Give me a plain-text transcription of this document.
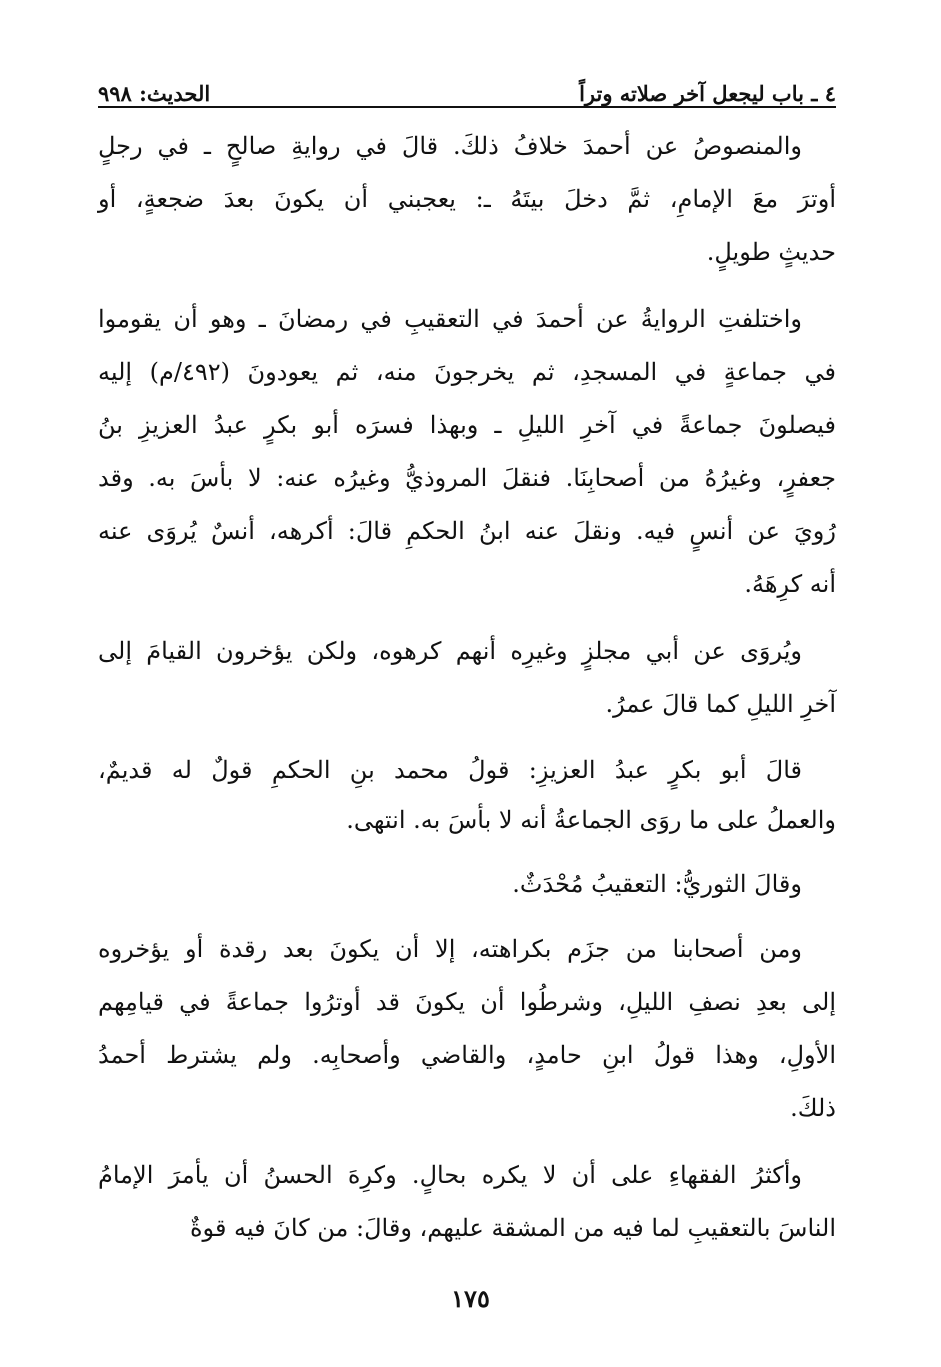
٤ ـ باب ليجعل آخر صلاته وتراً
الحديث: ٩٩٨
والمنصوصُ عن أحمدَ خلافُ ذلكَ. قالَ في روايةِ صالحٍ ـ في رجلٍ
أوترَ معَ الإمامِ، ثمَّ دخلَ بيتَهُ ـ: يعجبني أن يكونَ بعدَ ضجعةٍ، أو
حديثٍ طويلٍ.
واختلفتِ الروايةُ عن أحمدَ في التعقيبِ في رمضانَ ـ وهو أن يقوموا
في جماعةٍ في المسجدِ، ثم يخرجونَ منه، ثم يعودونَ (٤٩٢/م) إليه
فيصلونَ جماعةً في آخرِ الليلِ ـ وبهذا فسرَه أبو بكرٍ عبدُ العزيزِ بنُ
جعفرٍ، وغيرُهُ من أصحابِنَا. فنقلَ المروذيُّ وغيرُه عنه: لا بأسَ به. وقد
رُويَ عن أنسٍ فيه. ونقلَ عنه ابنُ الحكمِ قالَ: أكرهه، أنسٌ يُروَى عنه
أنه كرِهَهُ.
ويُروَى عن أبي مجلزٍ وغيرِه أنهم كرهوه، ولكن يؤخرون القيامَ إلى
آخرِ الليلِ كما قالَ عمرُ.
قالَ أبو بكرٍ عبدُ العزيزِ: قولُ محمد بنِ الحكمِ قولٌ له قديمٌ،
والعملُ على ما روَى الجماعةُ أنه لا بأسَ به. انتهى.
وقالَ الثوريُّ: التعقيبُ مُحْدَثٌ.
ومن أصحابنا من جزَم بكراهته، إلا أن يكونَ بعد رقدة أو يؤخروه
إلى بعدِ نصفِ الليلِ، وشرطُوا أن يكونَ قد أوترُوا جماعةً في قيامِهم
الأولِ، وهذا قولُ ابنِ حامدٍ، والقاضي وأصحابِه. ولم يشترط أحمدُ
ذلكَ.
وأكثرُ الفقهاءِ على أن لا يكره بحالٍ. وكرِهَ الحسنُ أن يأمرَ الإمامُ
الناسَ بالتعقيبِ لما فيه من المشقة عليهم، وقالَ: من كانَ فيه قوةٌ
١٧٥
